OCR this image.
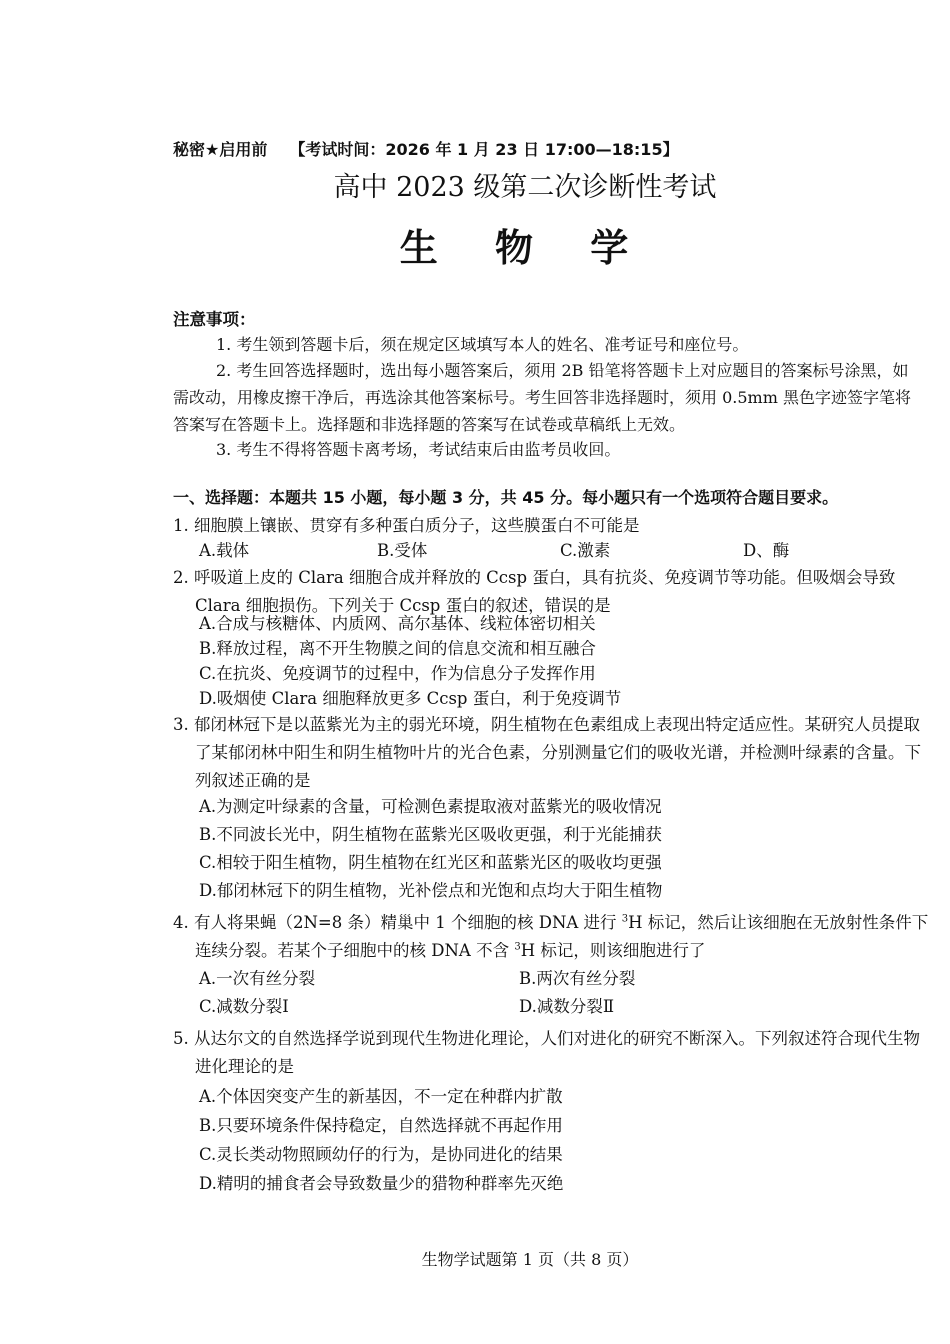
秘密★启用前 【考试时间：2026 年 1 月 23 日 17:00—18:15】
高中 2023 级第二次诊断性考试
生 物 学
注意事项：
1. 考生领到答题卡后，须在规定区域填写本人的姓名、准考证号和座位号。
2. 考生回答选择题时，选出每小题答案后，须用 2B 铅笔将答题卡上对应题目的答案标号涂黑，如需改动，用橡皮擦干净后，再选涂其他答案标号。考生回答非选择题时，须用 0.5mm 黑色字迹签字笔将答案写在答题卡上。选择题和非选择题的答案写在试卷或草稿纸上无效。
3. 考生不得将答题卡离考场，考试结束后由监考员收回。
一、选择题：本题共 15 小题，每小题 3 分，共 45 分。每小题只有一个选项符合题目要求。
1. 细胞膜上镶嵌、贯穿有多种蛋白质分子，这些膜蛋白不可能是
A.载体	B.受体	C.激素	D、酶
2. 呼吸道上皮的 Clara 细胞合成并释放的 Ccsp 蛋白，具有抗炎、免疫调节等功能。但吸烟会导致 Clara 细胞损伤。下列关于 Ccsp 蛋白的叙述，错误的是
A.合成与核糖体、内质网、高尔基体、线粒体密切相关
B.释放过程，离不开生物膜之间的信息交流和相互融合
C.在抗炎、免疫调节的过程中，作为信息分子发挥作用
D.吸烟使 Clara 细胞释放更多 Ccsp 蛋白，利于免疫调节
3. 郁闭林冠下是以蓝紫光为主的弱光环境，阴生植物在色素组成上表现出特定适应性。某研究人员提取了某郁闭林中阳生和阴生植物叶片的光合色素，分别测量它们的吸收光谱，并检测叶绿素的含量。下列叙述正确的是
A.为测定叶绿素的含量，可检测色素提取液对蓝紫光的吸收情况
B.不同波长光中，阴生植物在蓝紫光区吸收更强，利于光能捕获
C.相较于阳生植物，阴生植物在红光区和蓝紫光区的吸收均更强
D.郁闭林冠下的阴生植物，光补偿点和光饱和点均大于阳生植物
4. 有人将果蝇（2N=8 条）精巢中 1 个细胞的核 DNA 进行 $^3$H 标记，然后让该细胞在无放射性条件下连续分裂。若某个子细胞中的核 DNA 不含 $^3$H 标记，则该细胞进行了
A.一次有丝分裂	B.两次有丝分裂
C.减数分裂Ⅰ	D.减数分裂Ⅱ
5. 从达尔文的自然选择学说到现代生物进化理论，人们对进化的研究不断深入。下列叙述符合现代生物进化理论的是
A.个体因突变产生的新基因，不一定在种群内扩散
B.只要环境条件保持稳定，自然选择就不再起作用
C.灵长类动物照顾幼仔的行为，是协同进化的结果
D.精明的捕食者会导致数量少的猎物种群率先灭绝
生物学试题第 1 页（共 8 页）
